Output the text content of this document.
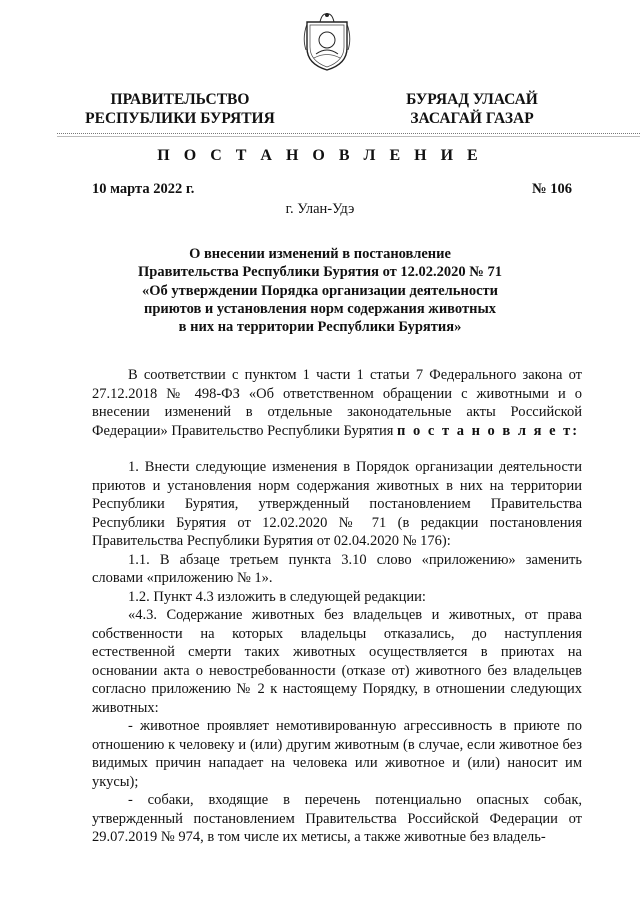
ПРАВИТЕЛЬСТВО
РЕСПУБЛИКИ БУРЯТИЯ
БУРЯАД УЛАСАЙ
ЗАСАГАЙ ГАЗАР
П О С Т А Н О В Л Е Н И Е
10 марта 2022 г.	№ 106
г. Улан-Удэ
О внесении изменений в постановление
Правительства Республики Бурятия от 12.02.2020 № 71
«Об утверждении Порядка организации деятельности
приютов и установления норм содержания животных
в них на территории Республики Бурятия»

В соответствии с пунктом 1 части 1 статьи 7 Федерального закона от 27.12.2018 № 498-ФЗ «Об ответственном обращении с животными и о внесении изменений в отдельные законодательные акты Российской Федерации» Правительство Республики Бурятия п о с т а н о в л я е т:

1. Внести следующие изменения в Порядок организации деятельности приютов и установления норм содержания животных в них на территории Республики Бурятия, утвержденный постановлением Правительства Республики Бурятия от 12.02.2020 № 71 (в редакции постановления Правительства Республики Бурятия от 02.04.2020 № 176):

1.1. В абзаце третьем пункта 3.10 слово «приложению» заменить словами «приложению № 1».

1.2. Пункт 4.3 изложить в следующей редакции:

«4.3. Содержание животных без владельцев и животных, от права собственности на которых владельцы отказались, до наступления естественной смерти таких животных осуществляется в приютах на основании акта о невостребованности (отказе от) животного без владельцев согласно приложению № 2 к настоящему Порядку, в отношении следующих животных:

- животное проявляет немотивированную агрессивность в приюте по отношению к человеку и (или) другим животным (в случае, если животное без видимых причин нападает на человека или животное и (или) наносит им укусы);

- собаки, входящие в перечень потенциально опасных собак, утвержденный постановлением Правительства Российской Федерации от 29.07.2019 № 974, в том числе их метисы, а также животные без владель-
